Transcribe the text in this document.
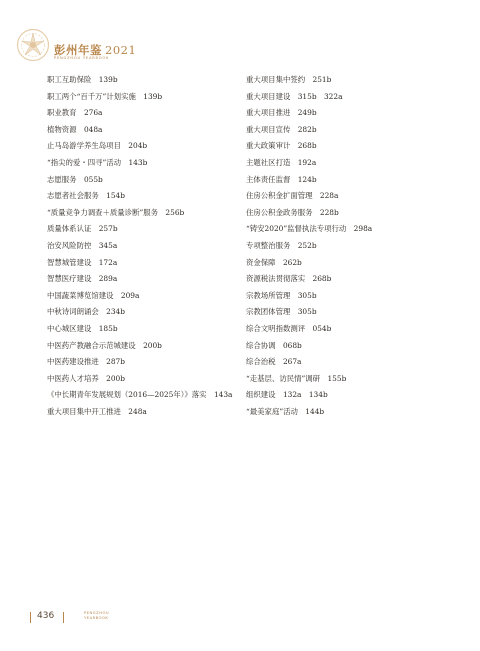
彭州年鉴 2021
PENGZHOU YEARBOOK
职工互助保险　139b
职工两个“百千万”计划实施　139b
职业教育　276a
植物资源　048a
止马岛游学养生岛项目　204b
“指尖的爱・四寻”活动　143b
志愿服务　055b
志愿者社会服务　154b
“质量竞争力调查＋质量诊断”服务　256b
质量体系认证　257b
治安风险防控　345a
智慧城管建设　172a
智慧医疗建设　289a
中国蔬菜博览馆建设　209a
中秋诗词朗诵会　234b
中心城区建设　185b
中医药产教融合示范城建设　200b
中医药建设推进　287b
中医药人才培养　200b
《中长期青年发展规划（2016—2025年）》落实　143a
重大项目集中开工推进　248a
重大项目集中签约　251b
重大项目建设　315b　322a
重大项目推进　249b
重大项目宣传　282b
重大政策审计　268b
主题社区打造　192a
主体责任监督　124b
住房公积金扩面管理　228a
住房公积金政务服务　228b
“铸安2020”监督执法专项行动　298a
专项整治服务　252b
资金保障　262b
资源税法贯彻落实　268b
宗教场所管理　305b
宗教团体管理　305b
综合文明指数测评　054b
综合协调　068b
综合治税　267a
“走基层、访民情”调研　155b
组织建设　132a　134b
“最美家庭”活动　144b
436	PENGZHOU
YEARBOOK
